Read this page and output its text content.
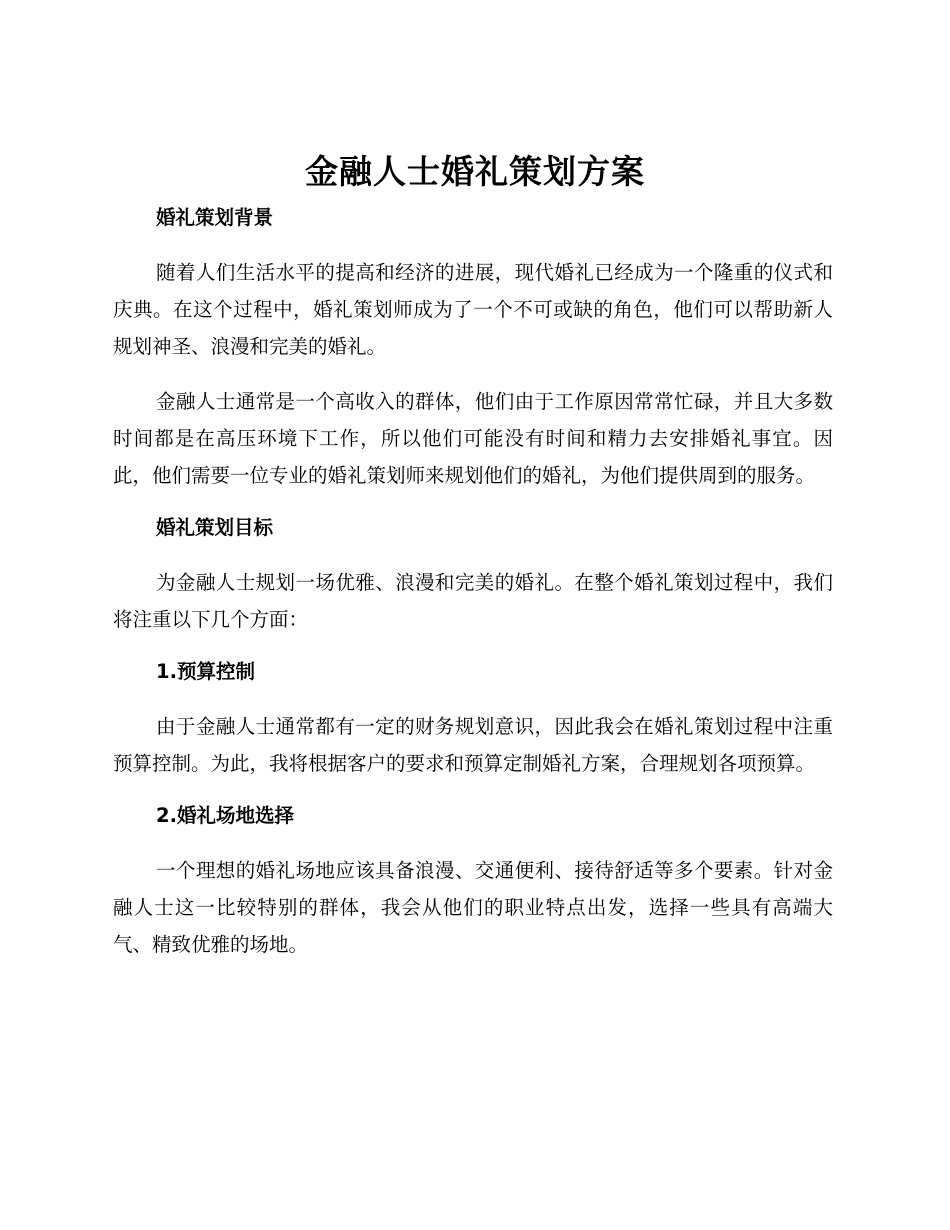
金融人士婚礼策划方案
婚礼策划背景

随着人们生活水平的提高和经济的进展，现代婚礼已经成为一个隆重的仪式和庆典。在这个过程中，婚礼策划师成为了一个不可或缺的角色，他们可以帮助新人规划神圣、浪漫和完美的婚礼。

金融人士通常是一个高收入的群体，他们由于工作原因常常忙碌，并且大多数时间都是在高压环境下工作，所以他们可能没有时间和精力去安排婚礼事宜。因此，他们需要一位专业的婚礼策划师来规划他们的婚礼，为他们提供周到的服务。

婚礼策划目标

为金融人士规划一场优雅、浪漫和完美的婚礼。在整个婚礼策划过程中，我们将注重以下几个方面：

1.预算控制

由于金融人士通常都有一定的财务规划意识，因此我会在婚礼策划过程中注重预算控制。为此，我将根据客户的要求和预算定制婚礼方案，合理规划各项预算。

2.婚礼场地选择

一个理想的婚礼场地应该具备浪漫、交通便利、接待舒适等多个要素。针对金融人士这一比较特别的群体，我会从他们的职业特点出发，选择一些具有高端大气、精致优雅的场地。
